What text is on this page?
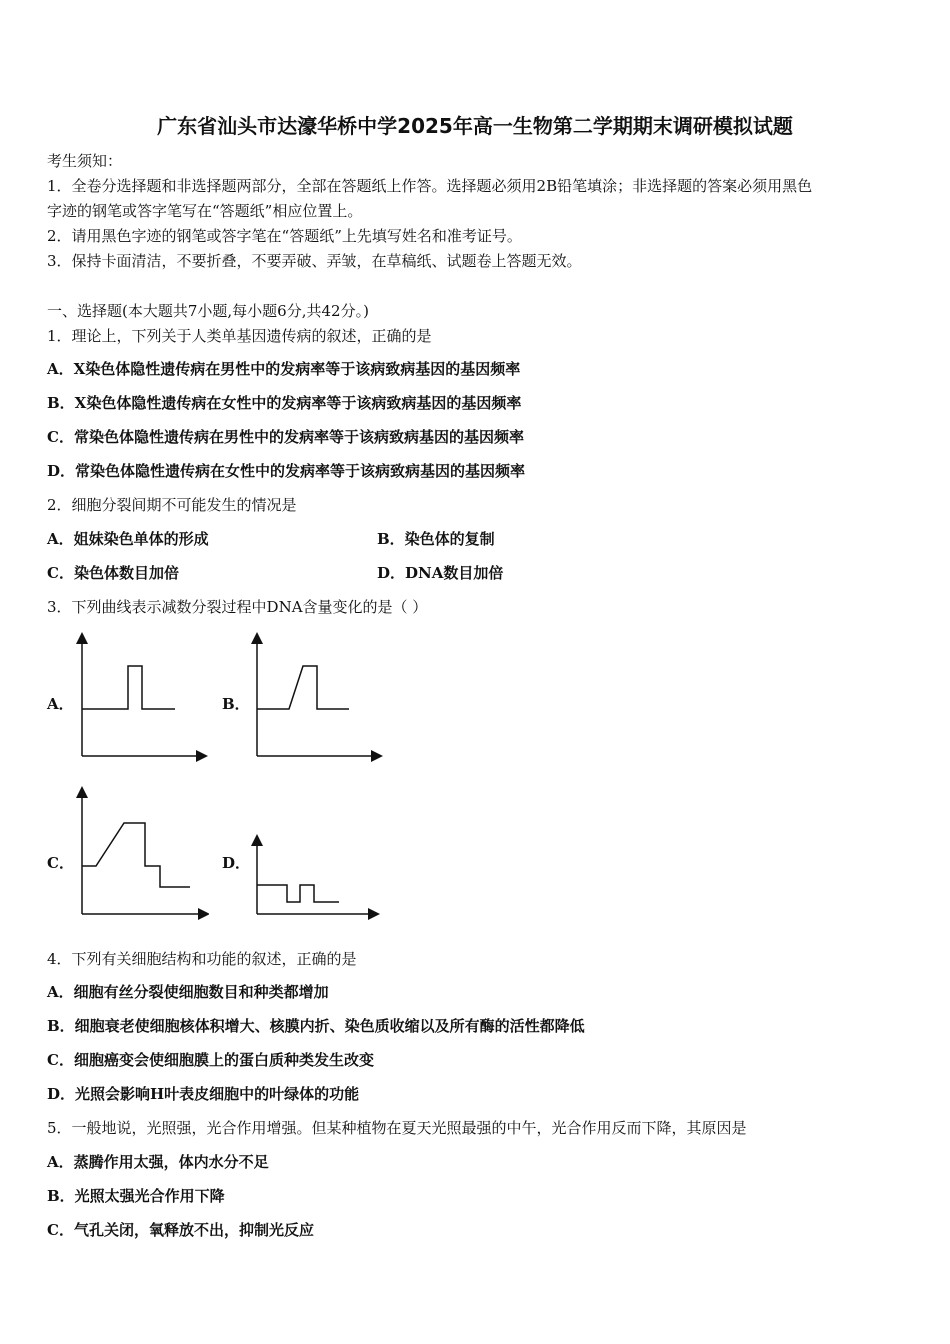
广东省汕头市达濠华桥中学2025年高一生物第二学期期末调研模拟试题
考生须知：
1．全卷分选择题和非选择题两部分，全部在答题纸上作答。选择题必须用2B铅笔填涂；非选择题的答案必须用黑色
字迹的钢笔或答字笔写在“答题纸”相应位置上。
2．请用黑色字迹的钢笔或答字笔在“答题纸”上先填写姓名和准考证号。
3．保持卡面清洁，不要折叠，不要弄破、弄皱，在草稿纸、试题卷上答题无效。
一、选择题(本大题共7小题,每小题6分,共42分。)
1．理论上，下列关于人类单基因遗传病的叙述，正确的是
A．X染色体隐性遗传病在男性中的发病率等于该病致病基因的基因频率
B．X染色体隐性遗传病在女性中的发病率等于该病致病基因的基因频率
C．常染色体隐性遗传病在男性中的发病率等于该病致病基因的基因频率
D．常染色体隐性遗传病在女性中的发病率等于该病致病基因的基因频率
2．细胞分裂间期不可能发生的情况是
A．姐妹染色单体的形成	B．染色体的复制
C．染色体数目加倍	D．DNA数目加倍
3．下列曲线表示减数分裂过程中DNA含量变化的是（ ）
A．	B．
C．	D．
4．下列有关细胞结构和功能的叙述，正确的是
A．细胞有丝分裂使细胞数目和种类都增加
B．细胞衰老使细胞核体积增大、核膜内折、染色质收缩以及所有酶的活性都降低
C．细胞癌变会使细胞膜上的蛋白质种类发生改变
D．光照会影响H叶表皮细胞中的叶绿体的功能
5．一般地说，光照强，光合作用增强。但某种植物在夏天光照最强的中午，光合作用反而下降，其原因是
A．蒸腾作用太强，体内水分不足
B．光照太强光合作用下降
C．气孔关闭，氧释放不出，抑制光反应
